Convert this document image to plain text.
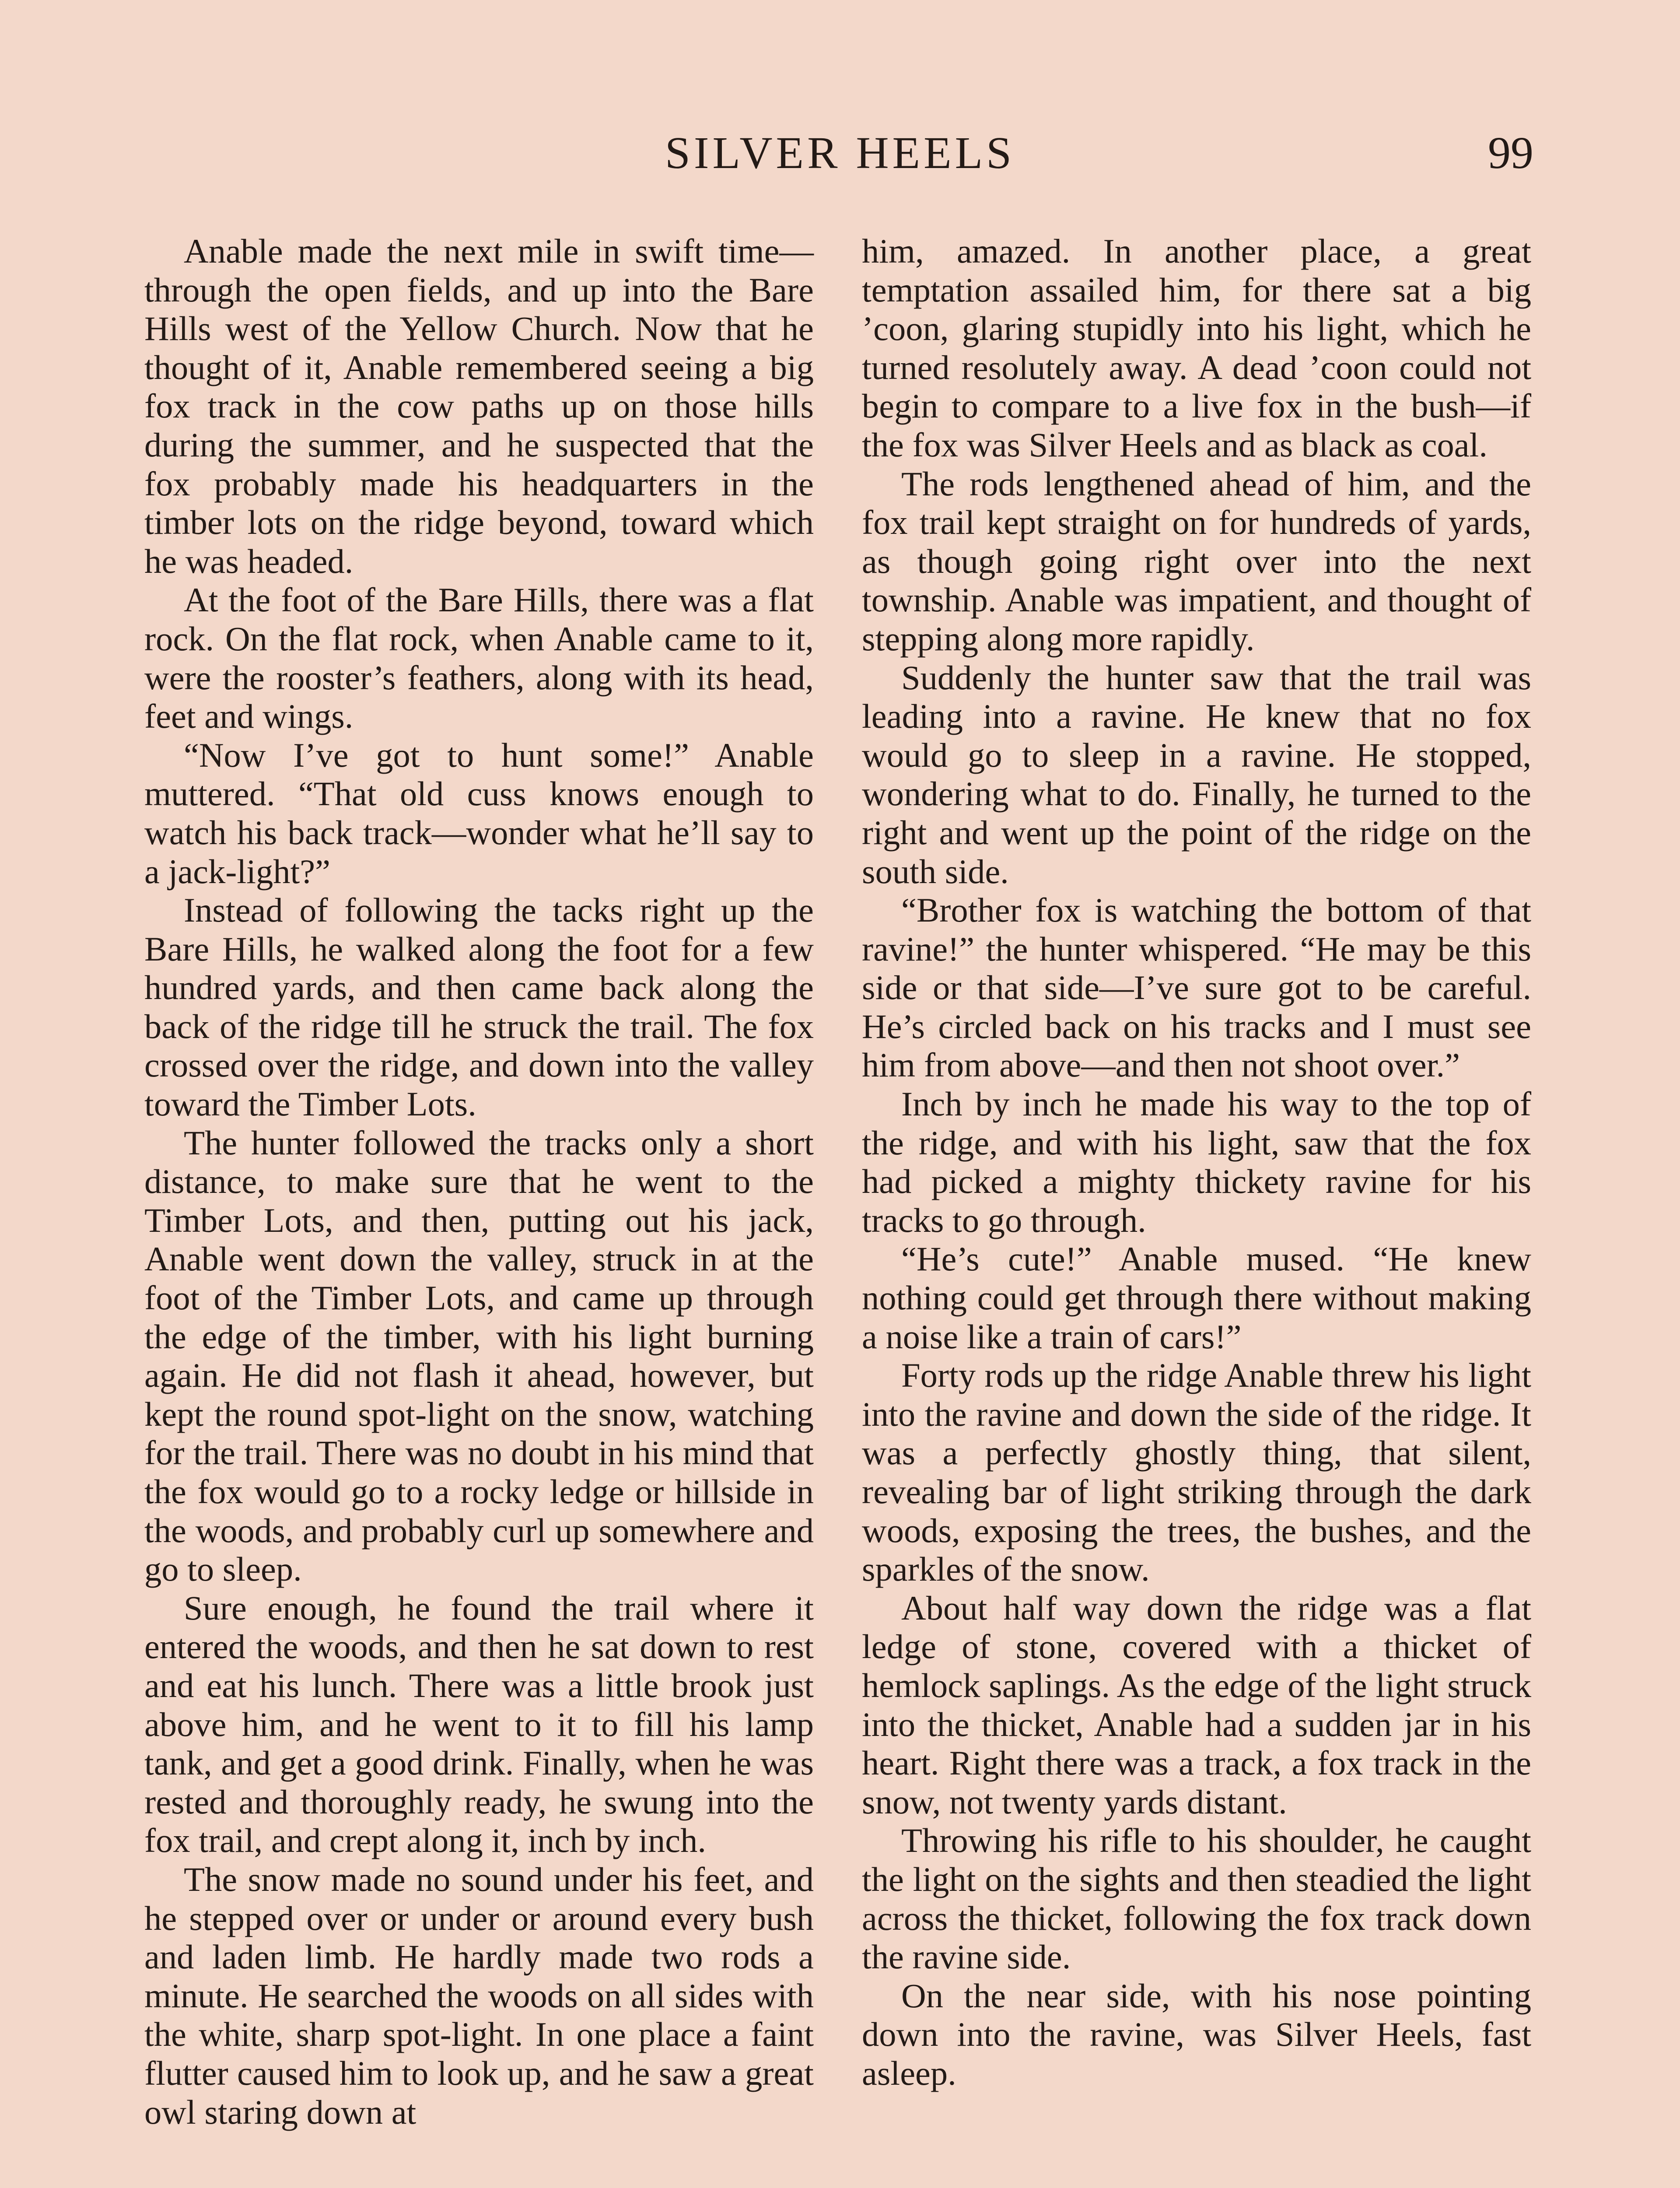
SILVER HEELS	99

Anable made the next mile in swift time—through the open fields, and up into the Bare Hills west of the Yellow Church. Now that he thought of it, Anable remembered seeing a big fox track in the cow paths up on those hills during the summer, and he suspected that the fox probably made his headquarters in the timber lots on the ridge beyond, toward which he was headed.

At the foot of the Bare Hills, there was a flat rock. On the flat rock, when Anable came to it, were the rooster’s feathers, along with its head, feet and wings.

“Now I’ve got to hunt some!” Anable muttered. “That old cuss knows enough to watch his back track—wonder what he’ll say to a jack-light?”

Instead of following the tacks right up the Bare Hills, he walked along the foot for a few hundred yards, and then came back along the back of the ridge till he struck the trail. The fox crossed over the ridge, and down into the valley toward the Timber Lots.

The hunter followed the tracks only a short distance, to make sure that he went to the Timber Lots, and then, putting out his jack, Anable went down the valley, struck in at the foot of the Timber Lots, and came up through the edge of the timber, with his light burning again. He did not flash it ahead, however, but kept the round spot-light on the snow, watching for the trail. There was no doubt in his mind that the fox would go to a rocky ledge or hillside in the woods, and probably curl up somewhere and go to sleep.

Sure enough, he found the trail where it entered the woods, and then he sat down to rest and eat his lunch. There was a little brook just above him, and he went to it to fill his lamp tank, and get a good drink. Finally, when he was rested and thoroughly ready, he swung into the fox trail, and crept along it, inch by inch.

The snow made no sound under his feet, and he stepped over or under or around every bush and laden limb. He hardly made two rods a minute. He searched the woods on all sides with the white, sharp spot-light. In one place a faint flutter caused him to look up, and he saw a great owl staring down at

him, amazed. In another place, a great temptation assailed him, for there sat a big ’coon, glaring stupidly into his light, which he turned resolutely away. A dead ’coon could not begin to compare to a live fox in the bush—if the fox was Silver Heels and as black as coal.

The rods lengthened ahead of him, and the fox trail kept straight on for hundreds of yards, as though going right over into the next township. Anable was impatient, and thought of stepping along more rapidly.

Suddenly the hunter saw that the trail was leading into a ravine. He knew that no fox would go to sleep in a ravine. He stopped, wondering what to do. Finally, he turned to the right and went up the point of the ridge on the south side.

“Brother fox is watching the bottom of that ravine!” the hunter whispered. “He may be this side or that side—I’ve sure got to be careful. He’s circled back on his tracks and I must see him from above—and then not shoot over.”

Inch by inch he made his way to the top of the ridge, and with his light, saw that the fox had picked a mighty thickety ravine for his tracks to go through.

“He’s cute!” Anable mused. “He knew nothing could get through there without making a noise like a train of cars!”

Forty rods up the ridge Anable threw his light into the ravine and down the side of the ridge. It was a perfectly ghostly thing, that silent, revealing bar of light striking through the dark woods, exposing the trees, the bushes, and the sparkles of the snow.

About half way down the ridge was a flat ledge of stone, covered with a thicket of hemlock saplings. As the edge of the light struck into the thicket, Anable had a sudden jar in his heart. Right there was a track, a fox track in the snow, not twenty yards distant.

Throwing his rifle to his shoulder, he caught the light on the sights and then steadied the light across the thicket, following the fox track down the ravine side.

On the near side, with his nose pointing down into the ravine, was Silver Heels, fast asleep.
